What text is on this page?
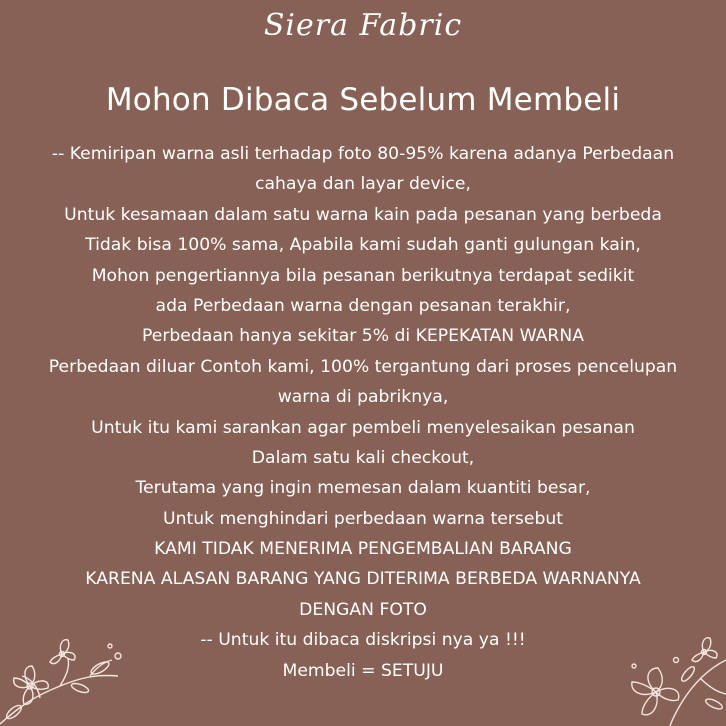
Siera Fabric
Mohon Dibaca Sebelum Membeli
-- Kemiripan warna asli terhadap foto 80-95% karena adanya Perbedaan
cahaya dan layar device,
Untuk kesamaan dalam satu warna kain pada pesanan yang berbeda
Tidak bisa 100% sama, Apabila kami sudah ganti gulungan kain,
Mohon pengertiannya bila pesanan berikutnya terdapat sedikit
ada Perbedaan warna dengan pesanan terakhir,
Perbedaan hanya sekitar 5% di KEPEKATAN WARNA
Perbedaan diluar Contoh kami, 100% tergantung dari proses pencelupan
warna di pabriknya,
Untuk itu kami sarankan agar pembeli menyelesaikan pesanan
Dalam satu kali checkout,
Terutama yang ingin memesan dalam kuantiti besar,
Untuk menghindari perbedaan warna tersebut
KAMI TIDAK MENERIMA PENGEMBALIAN BARANG
KARENA ALASAN BARANG YANG DITERIMA BERBEDA WARNANYA
DENGAN FOTO
-- Untuk itu dibaca diskripsi nya ya !!!
Membeli = SETUJU
